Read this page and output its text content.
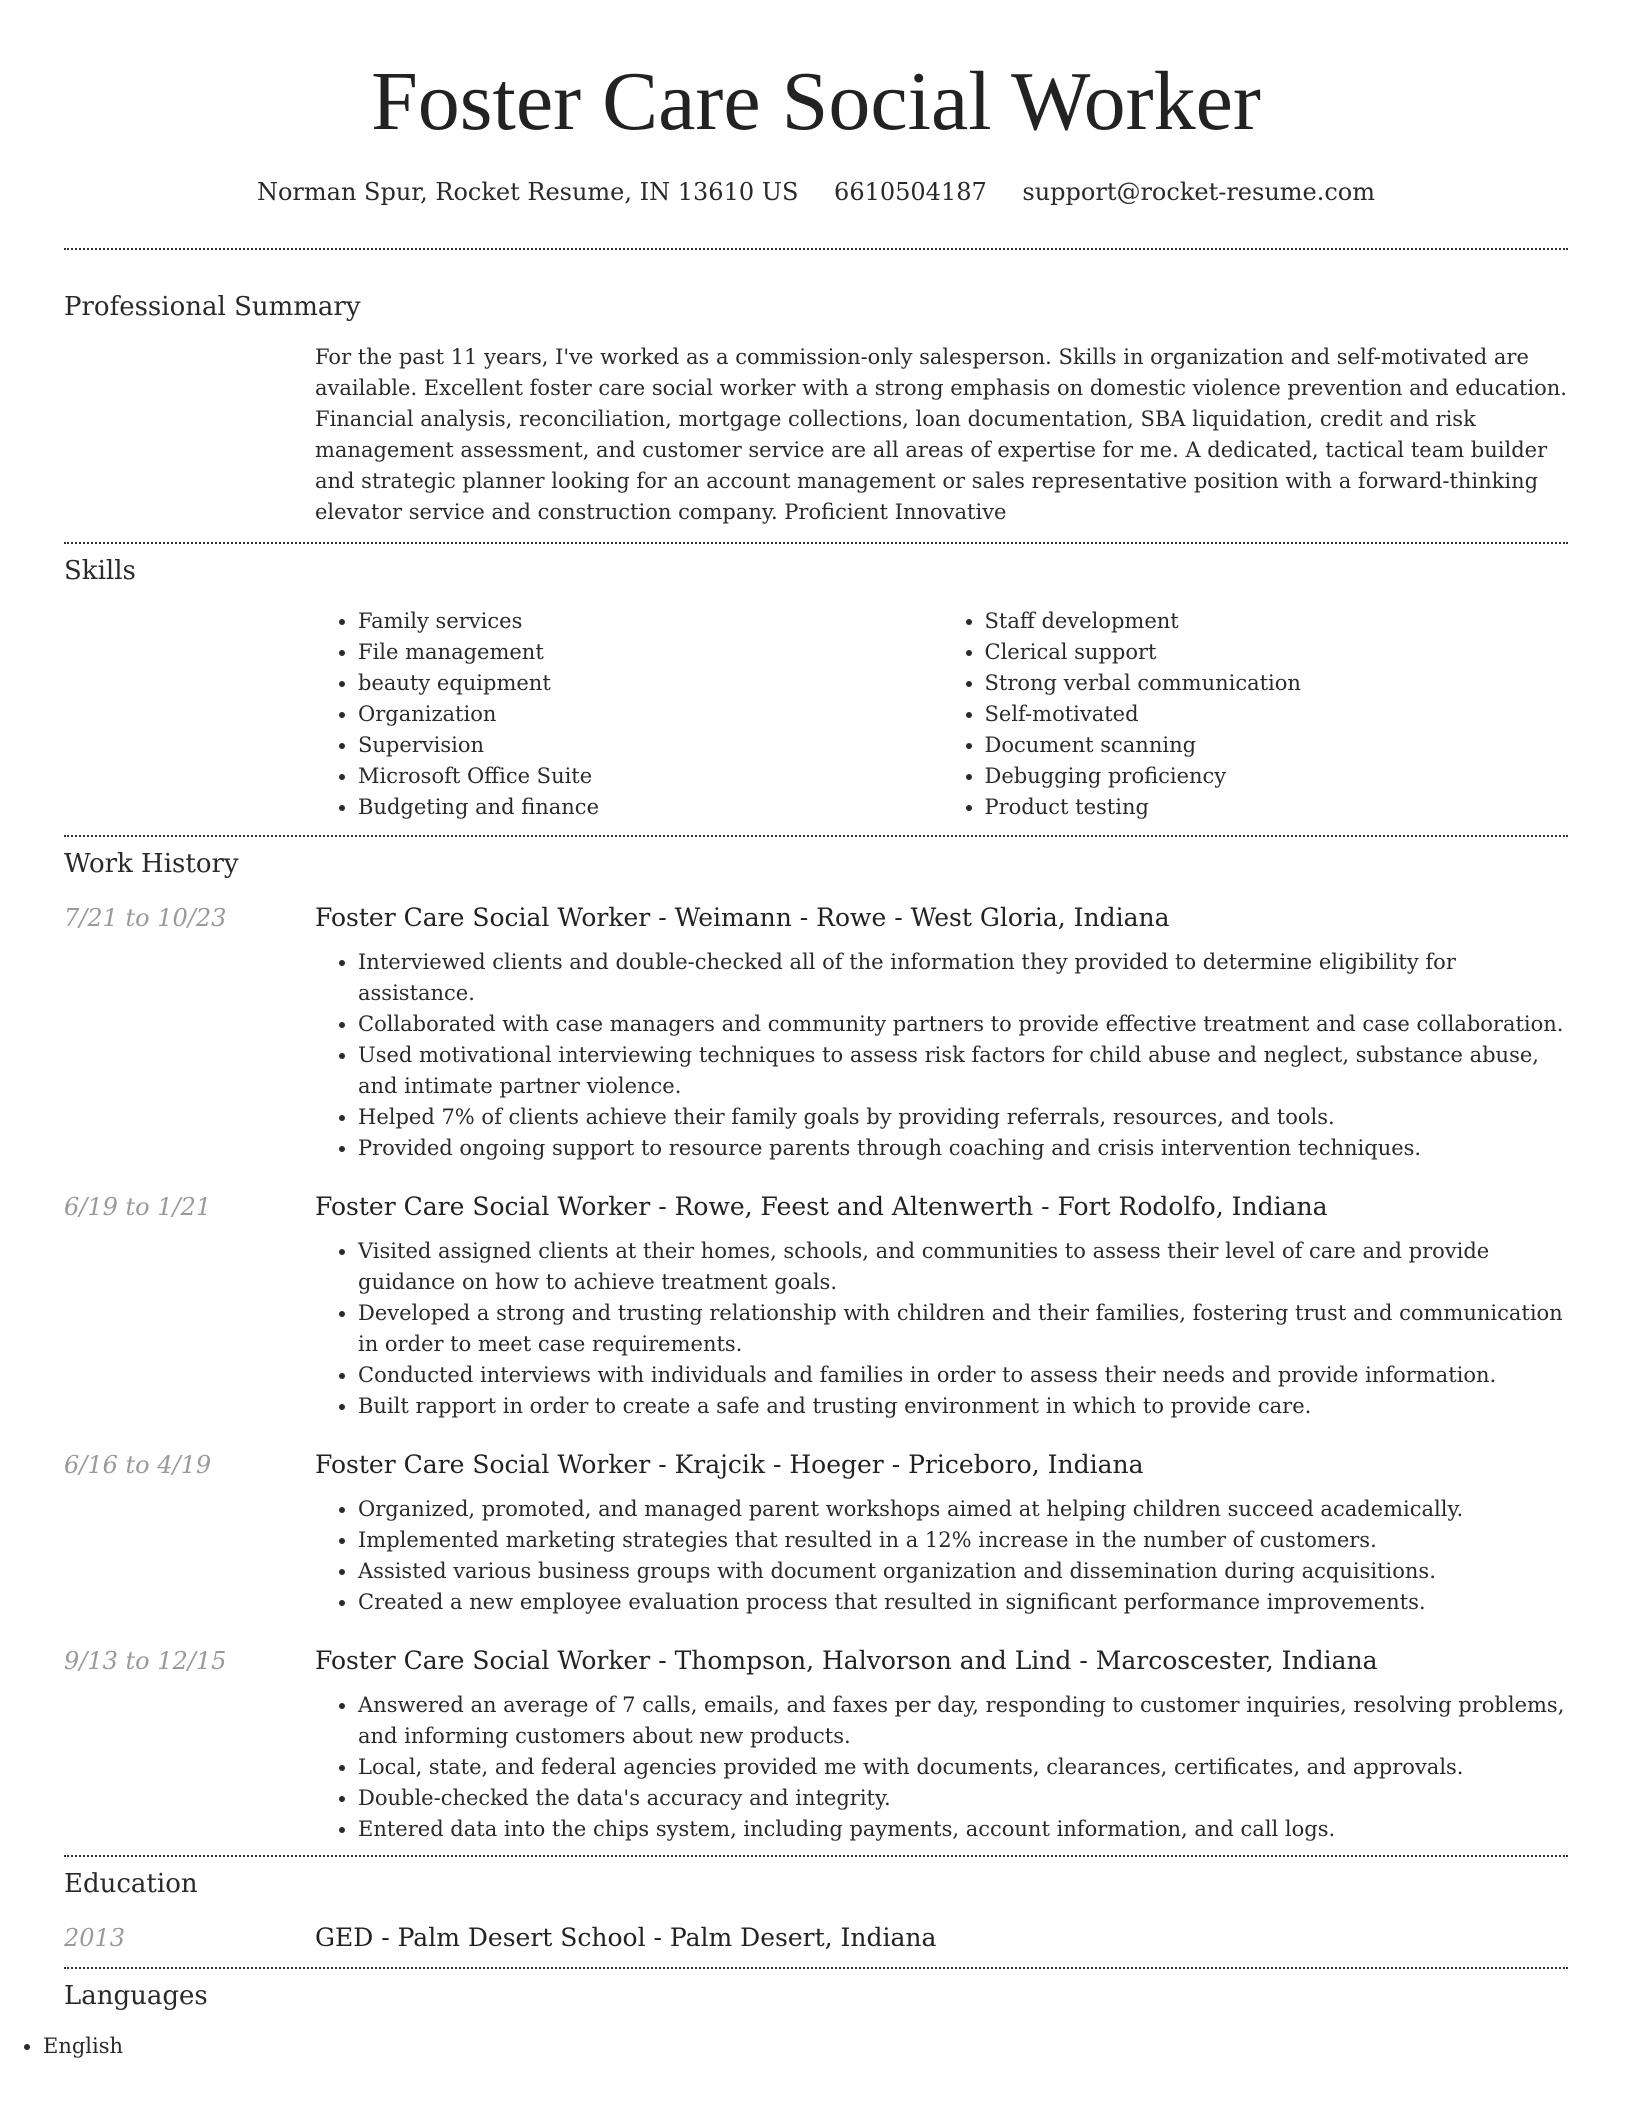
Foster Care Social Worker
Norman Spur, Rocket Resume, IN 13610 US 6610504187 support@rocket-resume.com
Professional Summary

For the past 11 years, I've worked as a commission-only salesperson. Skills in organization and self-motivated are available. Excellent foster care social worker with a strong emphasis on domestic violence prevention and education. Financial analysis, reconciliation, mortgage collections, loan documentation, SBA liquidation, credit and risk management assessment, and customer service are all areas of expertise for me. A dedicated, tactical team builder and strategic planner looking for an account management or sales representative position with a forward-thinking elevator service and construction company. Proficient Innovative

Skills
• Family services
• File management
• beauty equipment
• Organization
• Supervision
• Microsoft Office Suite
• Budgeting and finance
• Staff development
• Clerical support
• Strong verbal communication
• Self-motivated
• Document scanning
• Debugging proficiency
• Product testing
Work History
7/21 to 10/23	Foster Care Social Worker - Weimann - Rowe - West Gloria, Indiana
• Interviewed clients and double-checked all of the information they provided to determine eligibility for assistance.
• Collaborated with case managers and community partners to provide effective treatment and case collaboration.
• Used motivational interviewing techniques to assess risk factors for child abuse and neglect, substance abuse, and intimate partner violence.
• Helped 7% of clients achieve their family goals by providing referrals, resources, and tools.
• Provided ongoing support to resource parents through coaching and crisis intervention techniques.
6/19 to 1/21	Foster Care Social Worker - Rowe, Feest and Altenwerth - Fort Rodolfo, Indiana
• Visited assigned clients at their homes, schools, and communities to assess their level of care and provide guidance on how to achieve treatment goals.
• Developed a strong and trusting relationship with children and their families, fostering trust and communication in order to meet case requirements.
• Conducted interviews with individuals and families in order to assess their needs and provide information.
• Built rapport in order to create a safe and trusting environment in which to provide care.
6/16 to 4/19	Foster Care Social Worker - Krajcik - Hoeger - Priceboro, Indiana
• Organized, promoted, and managed parent workshops aimed at helping children succeed academically.
• Implemented marketing strategies that resulted in a 12% increase in the number of customers.
• Assisted various business groups with document organization and dissemination during acquisitions.
• Created a new employee evaluation process that resulted in significant performance improvements.
9/13 to 12/15	Foster Care Social Worker - Thompson, Halvorson and Lind - Marcoscester, Indiana
• Answered an average of 7 calls, emails, and faxes per day, responding to customer inquiries, resolving problems, and informing customers about new products.
• Local, state, and federal agencies provided me with documents, clearances, certificates, and approvals.
• Double-checked the data's accuracy and integrity.
• Entered data into the chips system, including payments, account information, and call logs.
Education
2013	GED - Palm Desert School - Palm Desert, Indiana
Languages
• English
